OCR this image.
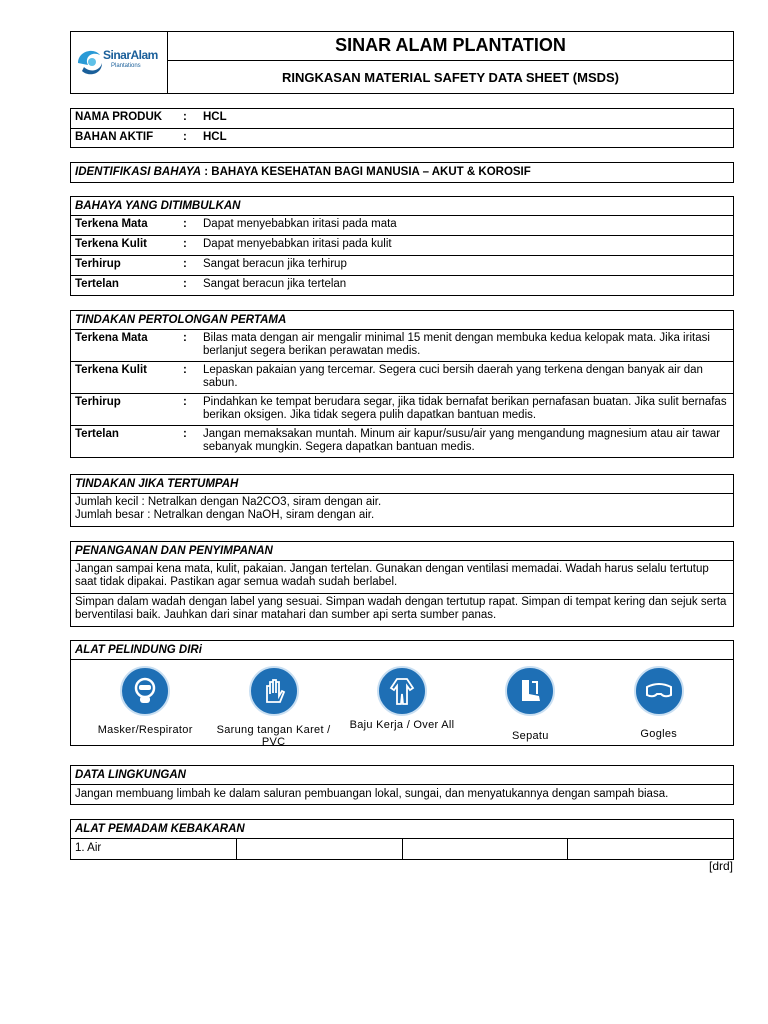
SinarAlam
Plantations
SINAR ALAM PLANTATION
RINGKASAN MATERIAL SAFETY DATA SHEET (MSDS)
NAMA PRODUK	:	HCL
BAHAN AKTIF	:	HCL
IDENTIFIKASI BAHAYA : BAHAYA KESEHATAN BAGI MANUSIA – AKUT & KOROSIF
BAHAYA YANG DITIMBULKAN
Terkena Mata	:	Dapat menyebabkan iritasi pada mata
Terkena Kulit	:	Dapat menyebabkan iritasi pada kulit
Terhirup	:	Sangat beracun jika terhirup
Tertelan	:	Sangat beracun jika tertelan
TINDAKAN PERTOLONGAN PERTAMA
Terkena Mata	:	Bilas mata dengan air mengalir minimal 15 menit dengan membuka kedua kelopak mata. Jika iritasi berlanjut segera berikan perawatan medis.
Terkena Kulit	:	Lepaskan pakaian yang tercemar. Segera cuci bersih daerah yang terkena dengan banyak air dan sabun.
Terhirup	:	Pindahkan ke tempat berudara segar, jika tidak bernafat berikan pernafasan buatan. Jika sulit bernafas berikan oksigen. Jika tidak segera pulih dapatkan bantuan medis.
Tertelan	:	Jangan memaksakan muntah. Minum air kapur/susu/air yang mengandung magnesium atau air tawar sebanyak mungkin. Segera dapatkan bantuan medis.
TINDAKAN JIKA TERTUMPAH
Jumlah kecil : Netralkan dengan Na2CO3, siram dengan air.
Jumlah besar : Netralkan dengan NaOH, siram dengan air.
PENANGANAN DAN PENYIMPANAN
Jangan sampai kena mata, kulit, pakaian. Jangan tertelan. Gunakan dengan ventilasi memadai. Wadah harus selalu tertutup saat tidak dipakai. Pastikan agar semua wadah sudah berlabel.
Simpan dalam wadah dengan label yang sesuai. Simpan wadah dengan tertutup rapat. Simpan di tempat kering dan sejuk serta berventilasi baik. Jauhkan dari sinar matahari dan sumber api serta sumber panas.
ALAT PELINDUNG DIRi
Masker/Respirator Sarung tangan Karet / PVC
Baju Kerja / Over All
Sepatu	Gogles
DATA LINGKUNGAN
Jangan membuang limbah ke dalam saluran pembuangan lokal, sungai, dan menyatukannya dengan sampah biasa.
ALAT PEMADAM KEBAKARAN
1. Air
[drd]
